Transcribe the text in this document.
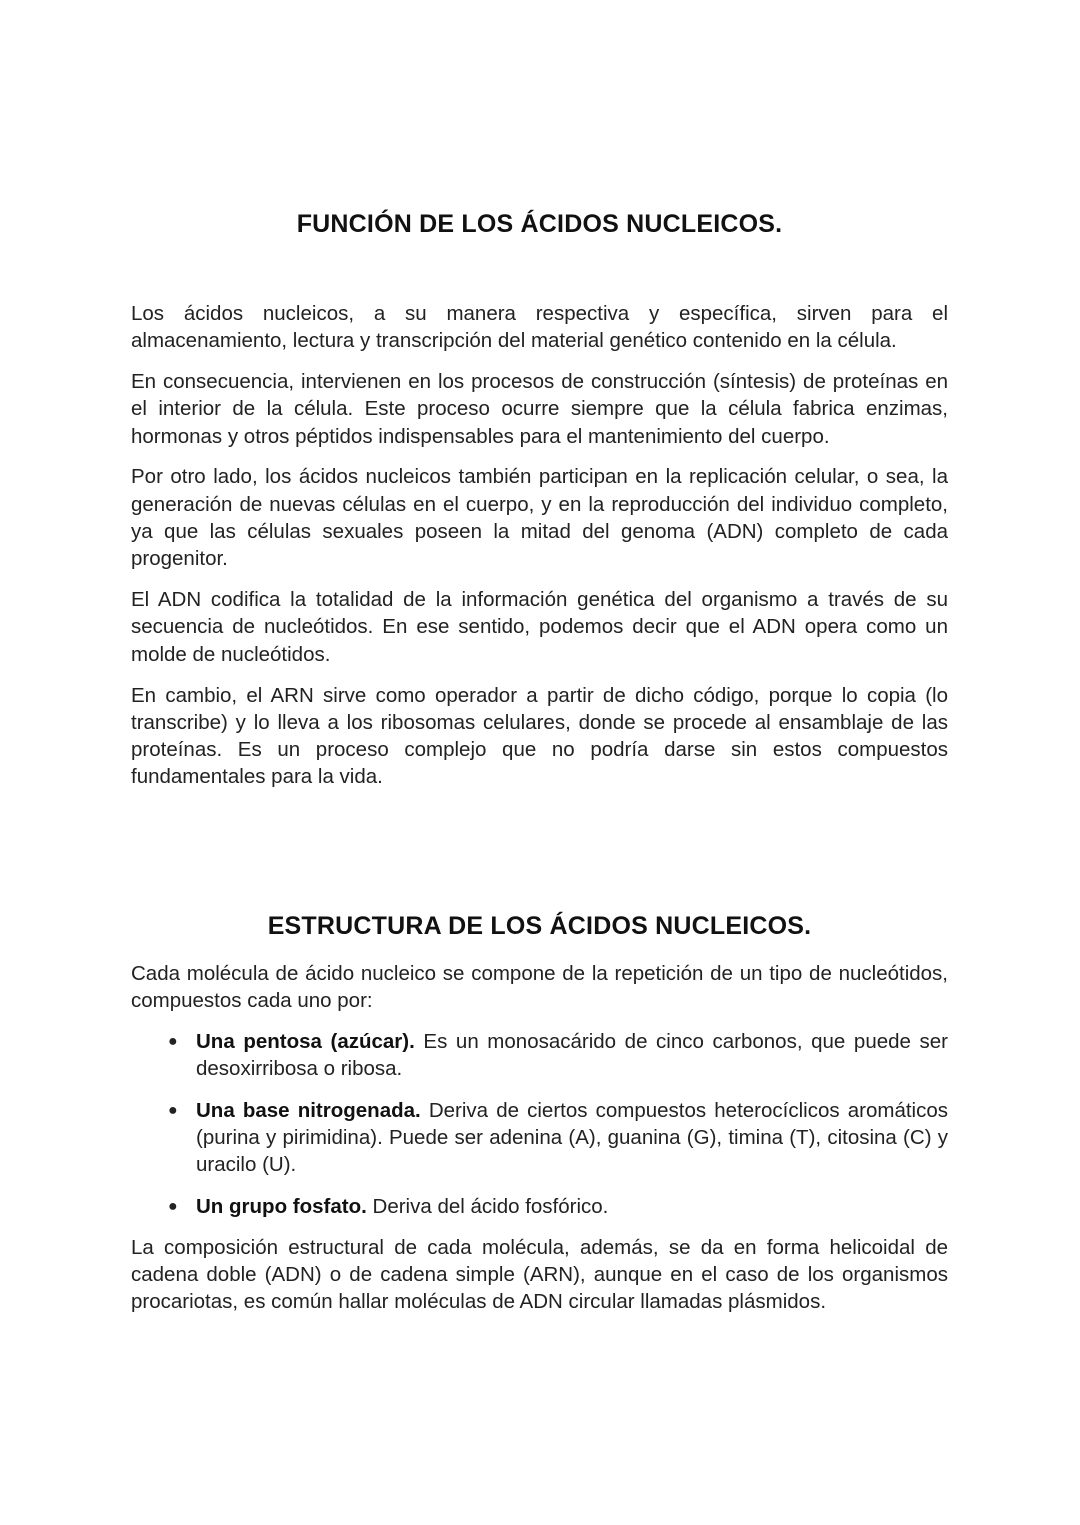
FUNCIÓN DE LOS ÁCIDOS NUCLEICOS.

Los ácidos nucleicos, a su manera respectiva y específica, sirven para el almacenamiento, lectura y transcripción del material genético contenido en la célula.

En consecuencia, intervienen en los procesos de construcción (síntesis) de proteínas en el interior de la célula. Este proceso ocurre siempre que la célula fabrica enzimas, hormonas y otros péptidos indispensables para el mantenimiento del cuerpo.

Por otro lado, los ácidos nucleicos también participan en la replicación celular, o sea, la generación de nuevas células en el cuerpo, y en la reproducción del individuo completo, ya que las células sexuales poseen la mitad del genoma (ADN) completo de cada progenitor.

El ADN codifica la totalidad de la información genética del organismo a través de su secuencia de nucleótidos. En ese sentido, podemos decir que el ADN opera como un molde de nucleótidos.

En cambio, el ARN sirve como operador a partir de dicho código, porque lo copia (lo transcribe) y lo lleva a los ribosomas celulares, donde se procede al ensamblaje de las proteínas. Es un proceso complejo que no podría darse sin estos compuestos fundamentales para la vida.

ESTRUCTURA DE LOS ÁCIDOS NUCLEICOS.

Cada molécula de ácido nucleico se compone de la repetición de un tipo de nucleótidos, compuestos cada uno por:

● Una pentosa (azúcar). Es un monosacárido de cinco carbonos, que puede ser desoxirribosa o ribosa.
● Una base nitrogenada. Deriva de ciertos compuestos heterocíclicos aromáticos (purina y pirimidina). Puede ser adenina (A), guanina (G), timina (T), citosina (C) y uracilo (U).
● Un grupo fosfato. Deriva del ácido fosfórico.

La composición estructural de cada molécula, además, se da en forma helicoidal de cadena doble (ADN) o de cadena simple (ARN), aunque en el caso de los organismos procariotas, es común hallar moléculas de ADN circular llamadas plásmidos.
